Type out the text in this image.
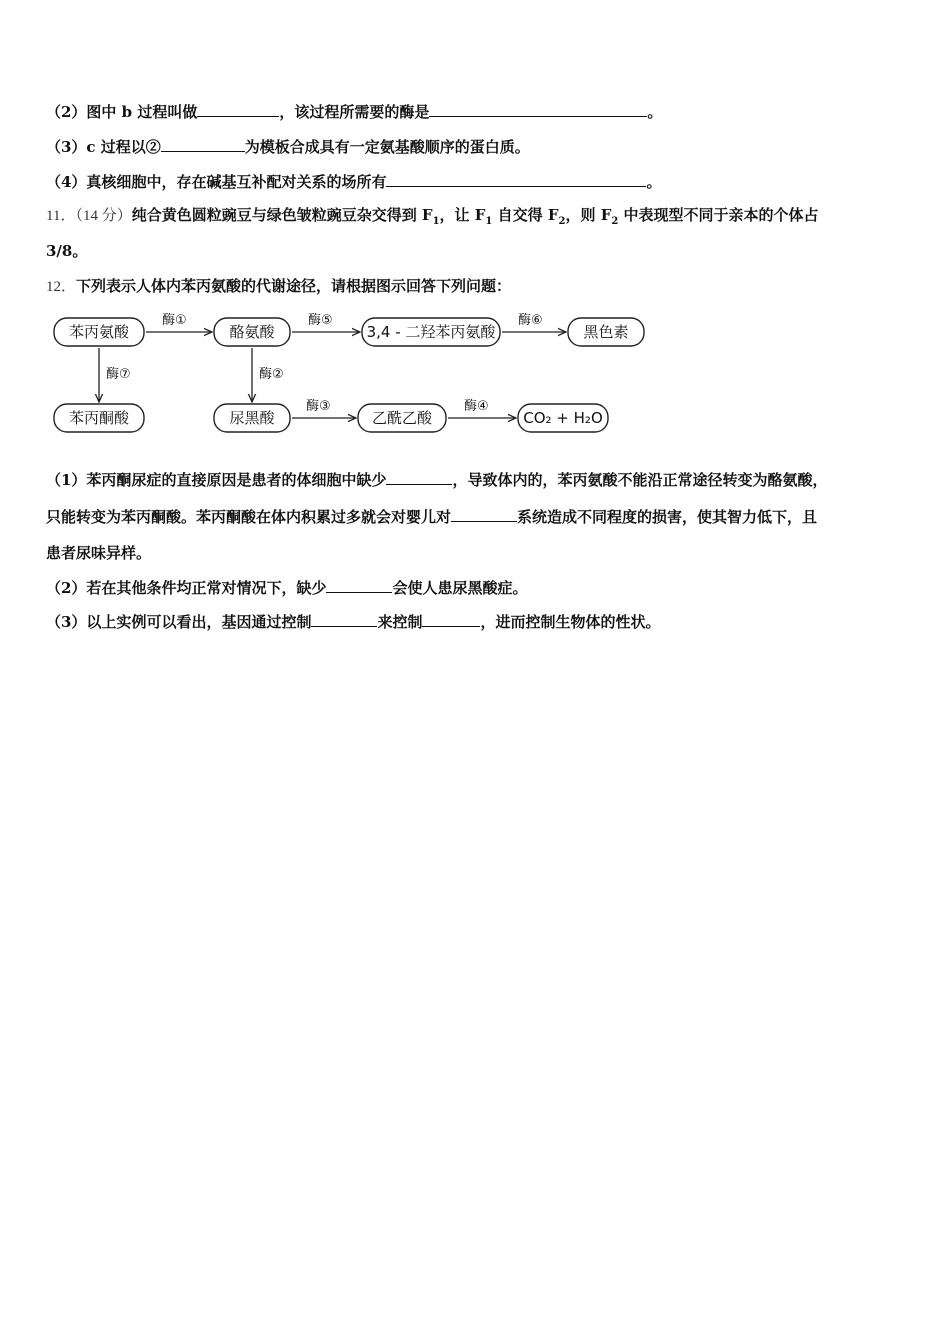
（2）图中 b 过程叫做	，该过程所需要的酶是	。
（3）c 过程以②	为模板合成具有一定氨基酸顺序的蛋白质。
（4）真核细胞中，存在碱基互补配对关系的场所有	。
11．（14 分）纯合黄色圆粒豌豆与绿色皱粒豌豆杂交得到 $F_1$，让 $F_1$ 自交得 $F_2$，则 $F_2$ 中表现型不同于亲本的个体占
3/8。
12．下列表示人体内苯丙氨酸的代谢途径，请根据图示回答下列问题：
苯丙氨酸	酪氨酸	3,4 - 二羟苯丙氨酸	黑色素
苯丙酮酸	尿黑酸	乙酰乙酸	CO₂ + H₂O
酶①	酶⑤	酶⑥
酶⑦	酶②
酶③	酶④
（1）苯丙酮尿症的直接原因是患者的体细胞中缺少	，导致体内的，苯丙氨酸不能沿正常途径转变为酪氨酸，
只能转变为苯丙酮酸。苯丙酮酸在体内积累过多就会对婴儿对	系统造成不同程度的损害，使其智力低下，且
患者尿味异样。
（2）若在其他条件均正常对情况下，缺少	会使人患尿黑酸症。
（3）以上实例可以看出，基因通过控制	来控制	，进而控制生物体的性状。
